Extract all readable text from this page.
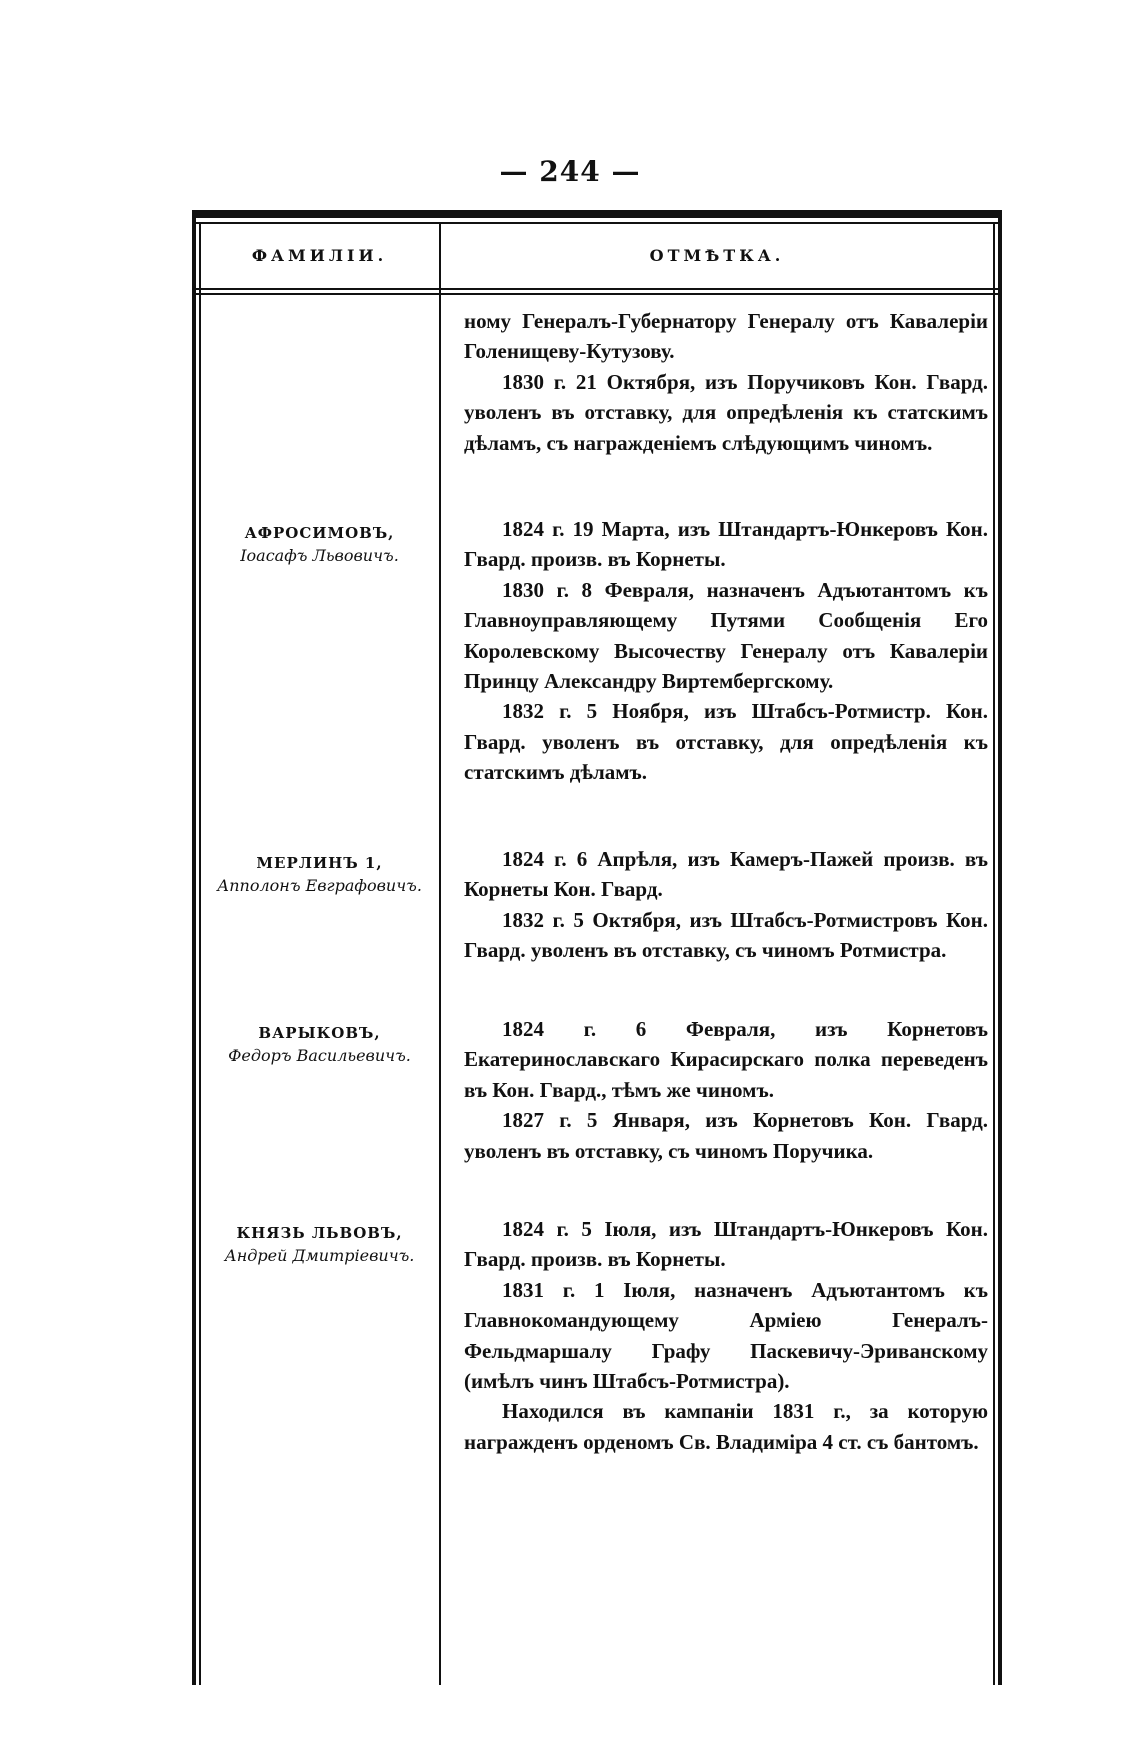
— 244 —
ФАМИЛІИ.	ОТМѢТКА.

ному Генералъ-Губернатору Генералу отъ Кавалеріи Голенищеву-Кутузову.

1830 г. 21 Октября, изъ Поручиковъ Кон. Гвард. уволенъ въ отставку, для опредѣленія къ статскимъ дѣламъ, съ награжденіемъ слѣдующимъ чиномъ.

АФРОСИМОВЪ,
Іоасафъ Львовичъ.

1824 г. 19 Марта, изъ Штандартъ-Юнкеровъ Кон. Гвард. произв. въ Корнеты.

1830 г. 8 Февраля, назначенъ Адъютантомъ къ Главноуправляющему Путями Сообщенія Его Королевскому Высочеству Генералу отъ Кавалеріи Принцу Александру Виртембергскому.

1832 г. 5 Ноября, изъ Штабсъ-Ротмистр. Кон. Гвард. уволенъ въ отставку, для опредѣленія къ статскимъ дѣламъ.

МЕРЛИНЪ 1,
Апполонъ Евграфовичъ.

1824 г. 6 Апрѣля, изъ Камеръ-Пажей произв. въ Корнеты Кон. Гвард.

1832 г. 5 Октября, изъ Штабсъ-Ротмистровъ Кон. Гвард. уволенъ въ отставку, съ чиномъ Ротмистра.

ВАРЫКОВЪ,
Федоръ Васильевичъ.

1824 г. 6 Февраля, изъ Корнетовъ Екатеринославскаго Кирасирскаго полка переведенъ въ Кон. Гвард., тѣмъ же чиномъ.

1827 г. 5 Января, изъ Корнетовъ Кон. Гвард. уволенъ въ отставку, съ чиномъ Поручика.

КНЯЗЬ ЛЬВОВЪ,
Андрей Дмитріевичъ.

1824 г. 5 Іюля, изъ Штандартъ-Юнкеровъ Кон. Гвард. произв. въ Корнеты.

1831 г. 1 Іюля, назначенъ Адъютантомъ къ Главнокомандующему Арміею Генералъ-Фельдмаршалу Графу Паскевичу-Эриванскому (имѣлъ чинъ Штабсъ-Ротмистра).

Находился въ кампаніи 1831 г., за которую награжденъ орденомъ Св. Владиміра 4 ст. съ бантомъ.
